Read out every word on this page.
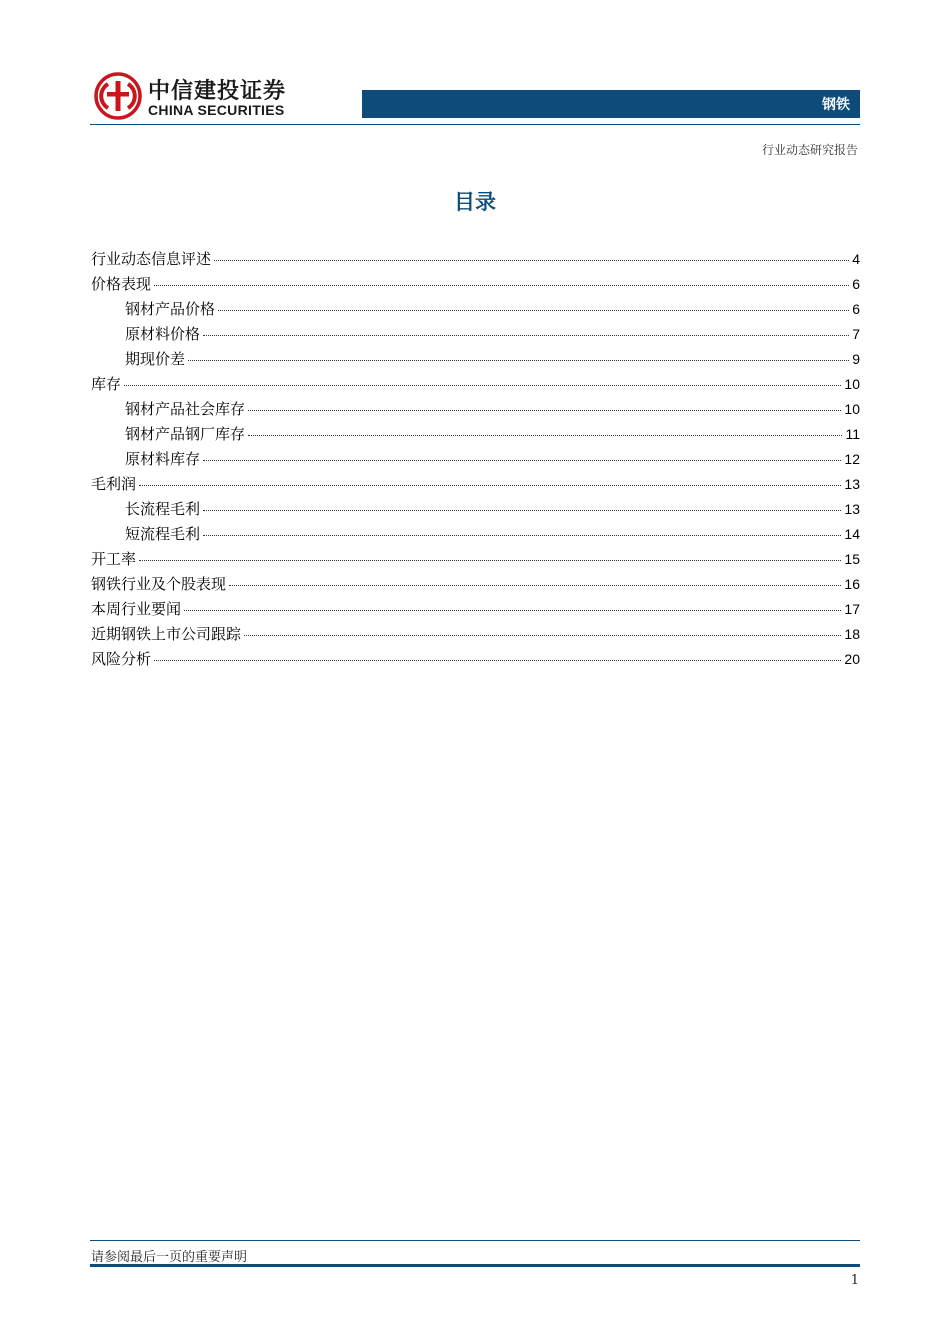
中信建投证券
CHINA SECURITIES	钢铁
行业动态研究报告
目录
行业动态信息评述	4
价格表现	6
钢材产品价格	6
原材料价格	7
期现价差	9
库存	10
钢材产品社会库存	10
钢材产品钢厂库存	11
原材料库存	12
毛利润	13
长流程毛利	13
短流程毛利	14
开工率	15
钢铁行业及个股表现	16
本周行业要闻	17
近期钢铁上市公司跟踪	18
风险分析	20
请参阅最后一页的重要声明
1
